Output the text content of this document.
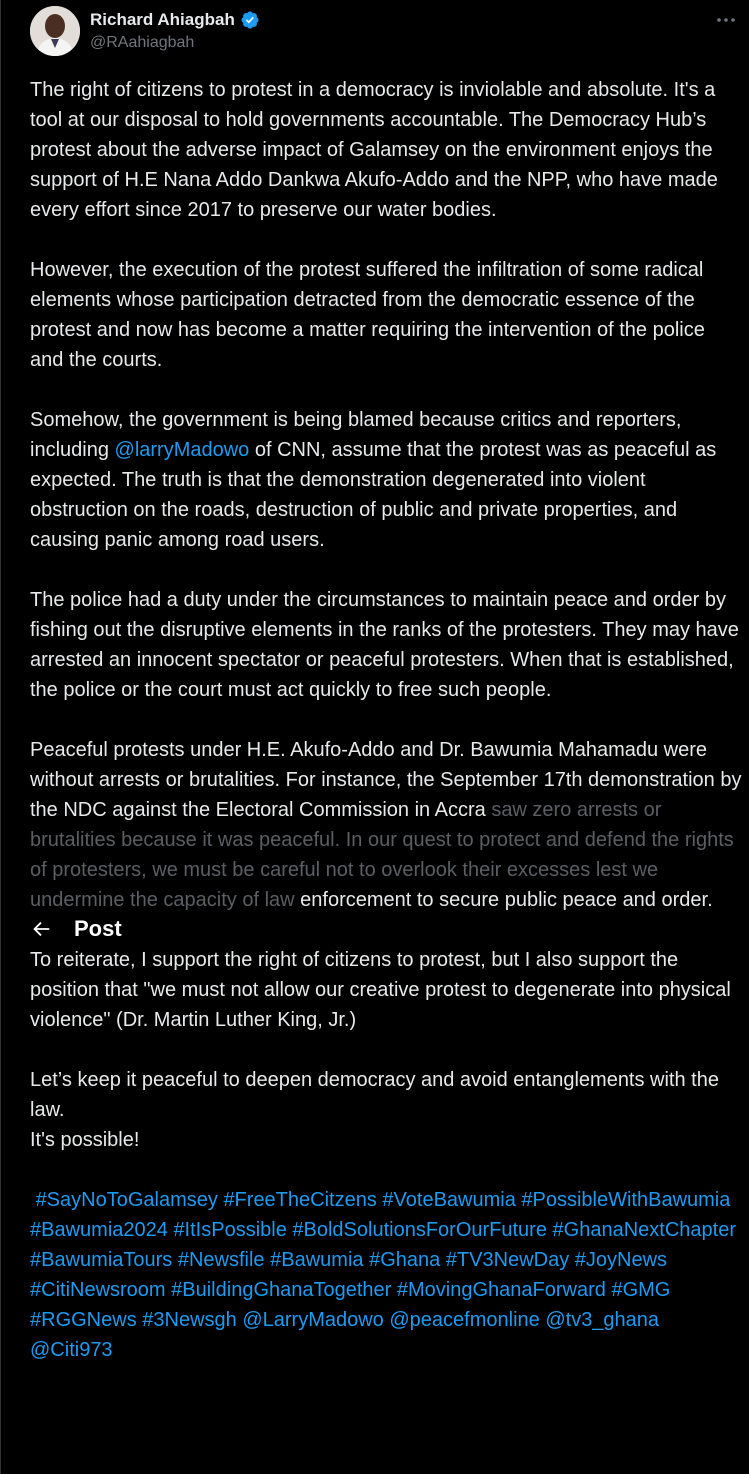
Richard Ahiagbah
@RAahiagbah
Post

The right of citizens to protest in a democracy is inviolable and absolute. It's a tool at our disposal to hold governments accountable. The Democracy Hub’s protest about the adverse impact of Galamsey on the environment enjoys the support of H.E Nana Addo Dankwa Akufo-Addo and the NPP, who have made every effort since 2017 to preserve our water bodies.

However, the execution of the protest suffered the infiltration of some radical elements whose participation detracted from the democratic essence of the protest and now has become a matter requiring the intervention of the police and the courts.

Somehow, the government is being blamed because critics and reporters, including @larryMadowo of CNN, assume that the protest was as peaceful as expected. The truth is that the demonstration degenerated into violent obstruction on the roads, destruction of public and private properties, and causing panic among road users.

The police had a duty under the circumstances to maintain peace and order by fishing out the disruptive elements in the ranks of the protesters. They may have arrested an innocent spectator or peaceful protesters. When that is established, the police or the court must act quickly to free such people.

Peaceful protests under H.E. Akufo-Addo and Dr. Bawumia Mahamadu were without arrests or brutalities. For instance, the September 17th demonstration by the NDC against the Electoral Commission in Accra saw zero arrests or brutalities because it was peaceful. In our quest to protect and defend the rights of protesters, we must be careful not to overlook their excesses lest we undermine the capacity of law enforcement to secure public peace and order.

To reiterate, I support the right of citizens to protest, but I also support the position that "we must not allow our creative protest to degenerate into physical violence" (Dr. Martin Luther King, Jr.)

Let’s keep it peaceful to deepen democracy and avoid entanglements with the law.
It's possible!

#SayNoToGalamsey #FreeTheCitzens #VoteBawumia #PossibleWithBawumia #Bawumia2024 #ItIsPossible #BoldSolutionsForOurFuture #GhanaNextChapter #BawumiaTours #Newsfile #Bawumia #Ghana #TV3NewDay #JoyNews #CitiNewsroom #BuildingGhanaTogether #MovingGhanaForward #GMG #RGGNews #3Newsgh @LarryMadowo @peacefmonline @tv3_ghana @Citi973
